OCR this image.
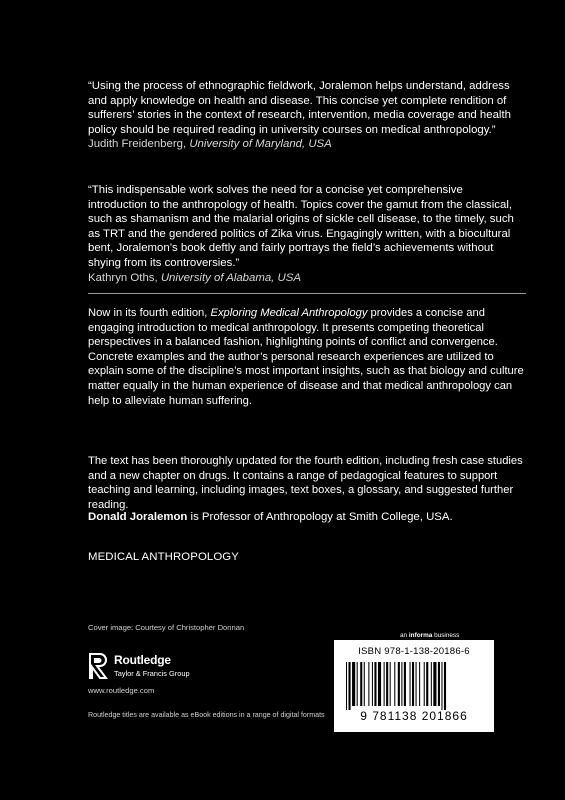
“Using the process of ethnographic fieldwork, Joralemon helps understand, address and apply knowledge on health and disease. This concise yet complete rendition of sufferers’ stories in the context of research, intervention, media coverage and health policy should be required reading in university courses on medical anthropology.”

Judith Freidenberg, University of Maryland, USA

“This indispensable work solves the need for a concise yet comprehensive introduction to the anthropology of health. Topics cover the gamut from the classical, such as shamanism and the malarial origins of sickle cell disease, to the timely, such as TRT and the gendered politics of Zika virus. Engagingly written, with a biocultural bent, Joralemon’s book deftly and fairly portrays the field’s achievements without shying from its controversies.”

Kathryn Oths, University of Alabama, USA

Now in its fourth edition, Exploring Medical Anthropology provides a concise and engaging introduction to medical anthropology. It presents competing theoretical perspectives in a balanced fashion, highlighting points of conflict and convergence. Concrete examples and the author’s personal research experiences are utilized to explain some of the discipline’s most important insights, such as that biology and culture matter equally in the human experience of disease and that medical anthropology can help to alleviate human suffering.

The text has been thoroughly updated for the fourth edition, including fresh case studies and a new chapter on drugs. It contains a range of pedagogical features to support teaching and learning, including images, text boxes, a glossary, and suggested further reading.

Donald Joralemon is Professor of Anthropology at Smith College, USA.
MEDICAL ANTHROPOLOGY
Cover image: Courtesy of Christopher Donnan
Routledge
Taylor & Francis Group
www.routledge.com
Routledge titles are available as eBook editions in a range of digital formats
an informa business
ISBN 978-1-138-20186-6
9 781138 201866
